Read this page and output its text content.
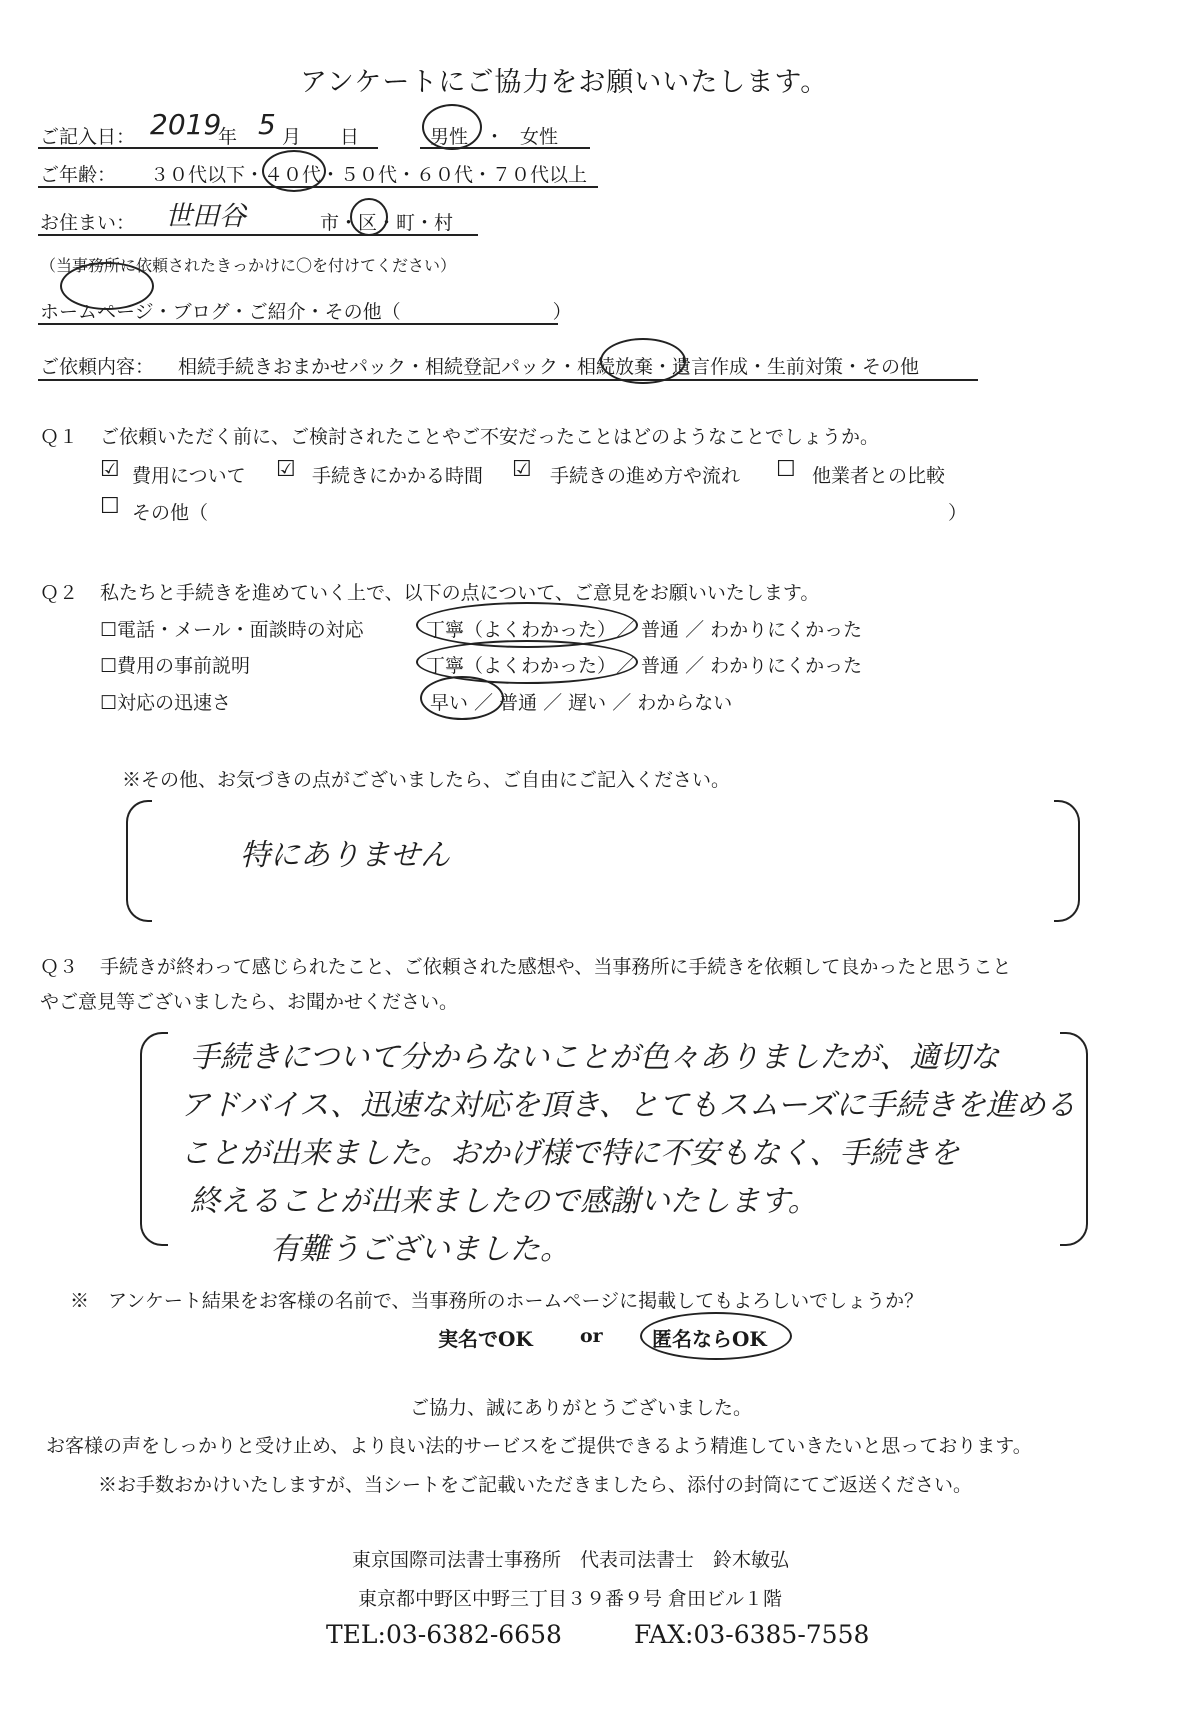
アンケートにご協力をお願いいたします。
ご記入日： 2019
年 5 月 日	男性 ・ 女性
ご年齢： ３０代以下・４０代・５０代・６０代・７０代以上
お住まい： 世田谷	市・区・町・村
（当事務所に依頼されたきっかけに〇を付けてください）
ホームページ・ブログ・ご紹介・その他（　　　　　　　　）
ご依頼内容： 相続手続きおまかせパック・相続登記パック・相続放棄・遺言作成・生前対策・その他
Ｑ１ ご依頼いただく前に、ご検討されたことやご不安だったことはどのようなことでしょうか。
☑ 費用について ☑ 手続きにかかる時間 ☑ 手続きの進め方や流れ ☐ 他業者との比較
☐ その他（	）
Ｑ２ 私たちと手続きを進めていく上で、以下の点について、ご意見をお願いいたします。
☐電話・メール・面談時の対応	丁寧（よくわかった）／ 普通 ／ わかりにくかった
☐費用の事前説明	丁寧（よくわかった）／ 普通 ／ わかりにくかった
☐対応の迅速さ	早い ／ 普通 ／ 遅い ／ わからない
※その他、お気づきの点がございましたら、ご自由にご記入ください。
特にありません
Ｑ３ 手続きが終わって感じられたこと、ご依頼された感想や、当事務所に手続きを依頼して良かったと思うこと
やご意見等ございましたら、お聞かせください。
手続きについて分からないことが色々ありましたが、適切な
アドバイス、迅速な対応を頂き、とてもスムーズに手続きを進める
ことが出来ました。おかげ様で特に不安もなく、手続きを
終えることが出来ましたので感謝いたします。
有難うございました。
※　アンケート結果をお客様の名前で、当事務所のホームページに掲載してもよろしいでしょうか？
実名でOK or 匿名ならOK
ご協力、誠にありがとうございました。
お客様の声をしっかりと受け止め、より良い法的サービスをご提供できるよう精進していきたいと思っております。
※お手数おかけいたしますが、当シートをご記載いただきましたら、添付の封筒にてご返送ください。
東京国際司法書士事務所　代表司法書士　鈴木敏弘
東京都中野区中野三丁目３９番９号 倉田ビル１階
TEL:03-6382-6658	FAX:03-6385-7558
